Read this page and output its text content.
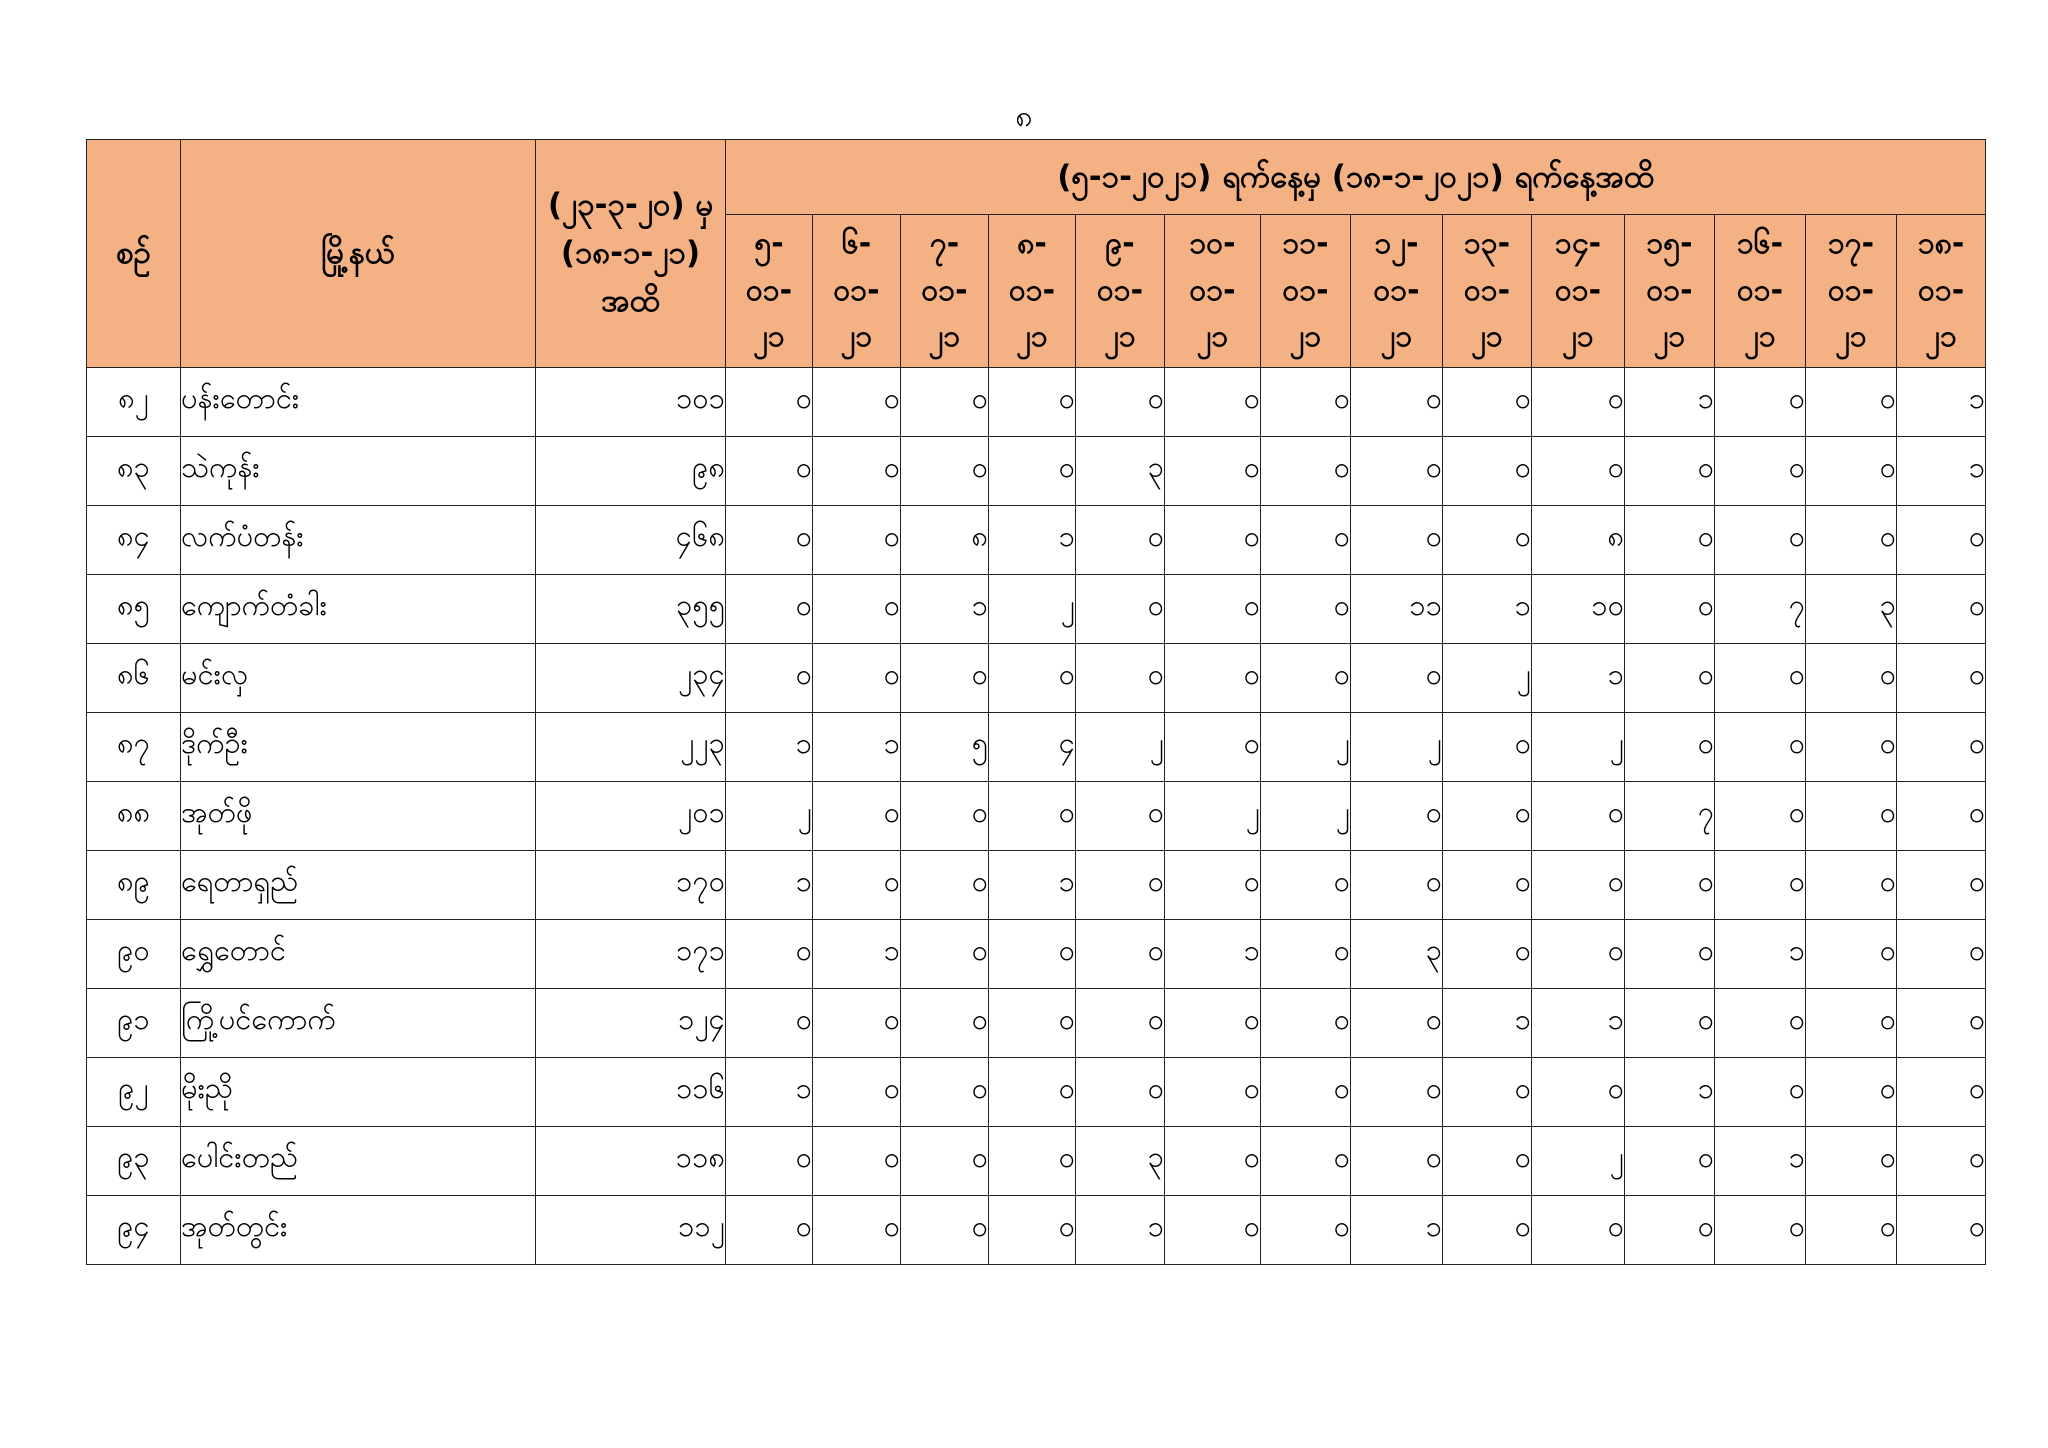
၈
စဉ်	မြို့နယ်	(၂၃-၃-၂၀) မှ
(၁၈-၁-၂၁)
အထိ	(၅-၁-၂၀၂၁) ရက်နေ့မှ (၁၈-၁-၂၀၂၁) ရက်နေ့အထိ													

			၅-
၀၁-
၂၁	၆-
၀၁-
၂၁	၇-
၀၁-
၂၁	၈-
၀၁-
၂၁	၉-
၀၁-
၂၁	၁၀-
၀၁-
၂၁	၁၁-
၀၁-
၂၁	၁၂-
၀၁-
၂၁	၁၃-
၀၁-
၂၁	၁၄-
၀၁-
၂၁	၁၅-
၀၁-
၂၁	၁၆-
၀၁-
၂၁	၁၇-
၀၁-
၂၁	၁၈-
၀၁-
၂၁

၈၂	ပန်းတောင်း	၁၀၁	၀	၀	၀	၀	၀	၀	၀	၀	၀	၀	၁	၀	၀	၁
၈၃	သဲကုန်း	၉၈	၀	၀	၀	၀	၃	၀	၀	၀	၀	၀	၀	၀	၀	၁
၈၄	လက်ပံတန်း	၄၆၈	၀	၀	၈	၁	၀	၀	၀	၀	၀	၈	၀	၀	၀	၀
၈၅	ကျောက်တံခါး	၃၅၅	၀	၀	၁	၂	၀	၀	၀	၁၁	၁	၁၀	၀	၇	၃	၀
၈၆	မင်းလှ	၂၃၄	၀	၀	၀	၀	၀	၀	၀	၀	၂	၁	၀	၀	၀	၀
၈၇	ဒိုက်ဦး	၂၂၃	၁	၁	၅	၄	၂	၀	၂	၂	၀	၂	၀	၀	၀	၀
၈၈	အုတ်ဖို	၂၀၁	၂	၀	၀	၀	၀	၂	၂	၀	၀	၀	၇	၀	၀	၀
၈၉	ရေတာရှည်	၁၇၀	၁	၀	၀	၁	၀	၀	၀	၀	၀	၀	၀	၀	၀	၀
၉၀	ရွှေတောင်	၁၇၁	၀	၁	၀	၀	၀	၁	၀	၃	၀	၀	၀	၁	၀	၀
၉၁	ကြို့ပင်ကောက်	၁၂၄	၀	၀	၀	၀	၀	၀	၀	၀	၁	၁	၀	၀	၀	၀
၉၂	မိုးညို	၁၁၆	၁	၀	၀	၀	၀	၀	၀	၀	၀	၀	၁	၀	၀	၀
၉၃	ပေါင်းတည်	၁၁၈	၀	၀	၀	၀	၃	၀	၀	၀	၀	၂	၀	၁	၀	၀
၉၄	အုတ်တွင်း	၁၁၂	၀	၀	၀	၀	၁	၀	၀	၁	၀	၀	၀	၀	၀	၀
